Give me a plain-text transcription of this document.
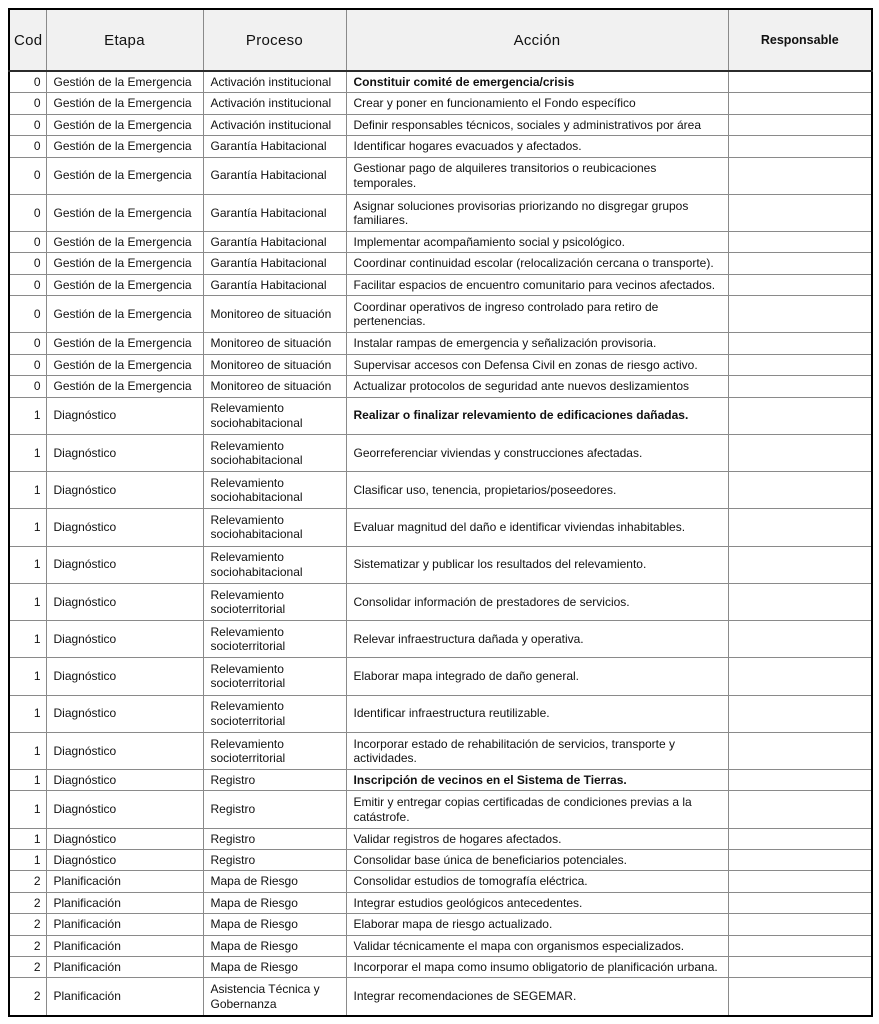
Cod	Etapa	Proceso	Acción	Responsable
0	Gestión de la Emergencia	Activación institucional	Constituir comité de emergencia/crisis	
0	Gestión de la Emergencia	Activación institucional	Crear y poner en funcionamiento el Fondo específico	
0	Gestión de la Emergencia	Activación institucional	Definir responsables técnicos, sociales y administrativos por área	
0	Gestión de la Emergencia	Garantía Habitacional	Identificar hogares evacuados y afectados.	
0	Gestión de la Emergencia	Garantía Habitacional	Gestionar pago de alquileres transitorios o reubicaciones temporales.	
0	Gestión de la Emergencia	Garantía Habitacional	Asignar soluciones provisorias priorizando no disgregar grupos familiares.	
0	Gestión de la Emergencia	Garantía Habitacional	Implementar acompañamiento social y psicológico.	
0	Gestión de la Emergencia	Garantía Habitacional	Coordinar continuidad escolar (relocalización cercana o transporte).	
0	Gestión de la Emergencia	Garantía Habitacional	Facilitar espacios de encuentro comunitario para vecinos afectados.	
0	Gestión de la Emergencia	Monitoreo de situación	Coordinar operativos de ingreso controlado para retiro de pertenencias.	
0	Gestión de la Emergencia	Monitoreo de situación	Instalar rampas de emergencia y señalización provisoria.	
0	Gestión de la Emergencia	Monitoreo de situación	Supervisar accesos con Defensa Civil en zonas de riesgo activo.	
0	Gestión de la Emergencia	Monitoreo de situación	Actualizar protocolos de seguridad ante nuevos deslizamientos	
1	Diagnóstico	Relevamiento sociohabitacional	Realizar o finalizar relevamiento de edificaciones dañadas.	
1	Diagnóstico	Relevamiento sociohabitacional	Georreferenciar viviendas y construcciones afectadas.	
1	Diagnóstico	Relevamiento sociohabitacional	Clasificar uso, tenencia, propietarios/poseedores.	
1	Diagnóstico	Relevamiento sociohabitacional	Evaluar magnitud del daño e identificar viviendas inhabitables.	
1	Diagnóstico	Relevamiento sociohabitacional	Sistematizar y publicar los resultados del relevamiento.	
1	Diagnóstico	Relevamiento socioterritorial	Consolidar información de prestadores de servicios.	
1	Diagnóstico	Relevamiento socioterritorial	Relevar infraestructura dañada y operativa.	
1	Diagnóstico	Relevamiento socioterritorial	Elaborar mapa integrado de daño general.	
1	Diagnóstico	Relevamiento socioterritorial	Identificar infraestructura reutilizable.	
1	Diagnóstico	Relevamiento socioterritorial	Incorporar estado de rehabilitación de servicios, transporte y actividades.	
1	Diagnóstico	Registro	Inscripción de vecinos en el Sistema de Tierras.	
1	Diagnóstico	Registro	Emitir y entregar copias certificadas de condiciones previas a la catástrofe.	
1	Diagnóstico	Registro	Validar registros de hogares afectados.	
1	Diagnóstico	Registro	Consolidar base única de beneficiarios potenciales.	
2	Planificación	Mapa de Riesgo	Consolidar estudios de tomografía eléctrica.	
2	Planificación	Mapa de Riesgo	Integrar estudios geológicos antecedentes.	
2	Planificación	Mapa de Riesgo	Elaborar mapa de riesgo actualizado.	
2	Planificación	Mapa de Riesgo	Validar técnicamente el mapa con organismos especializados.	
2	Planificación	Mapa de Riesgo	Incorporar el mapa como insumo obligatorio de planificación urbana.	
2	Planificación	Asistencia Técnica y Gobernanza	Integrar recomendaciones de SEGEMAR.	
